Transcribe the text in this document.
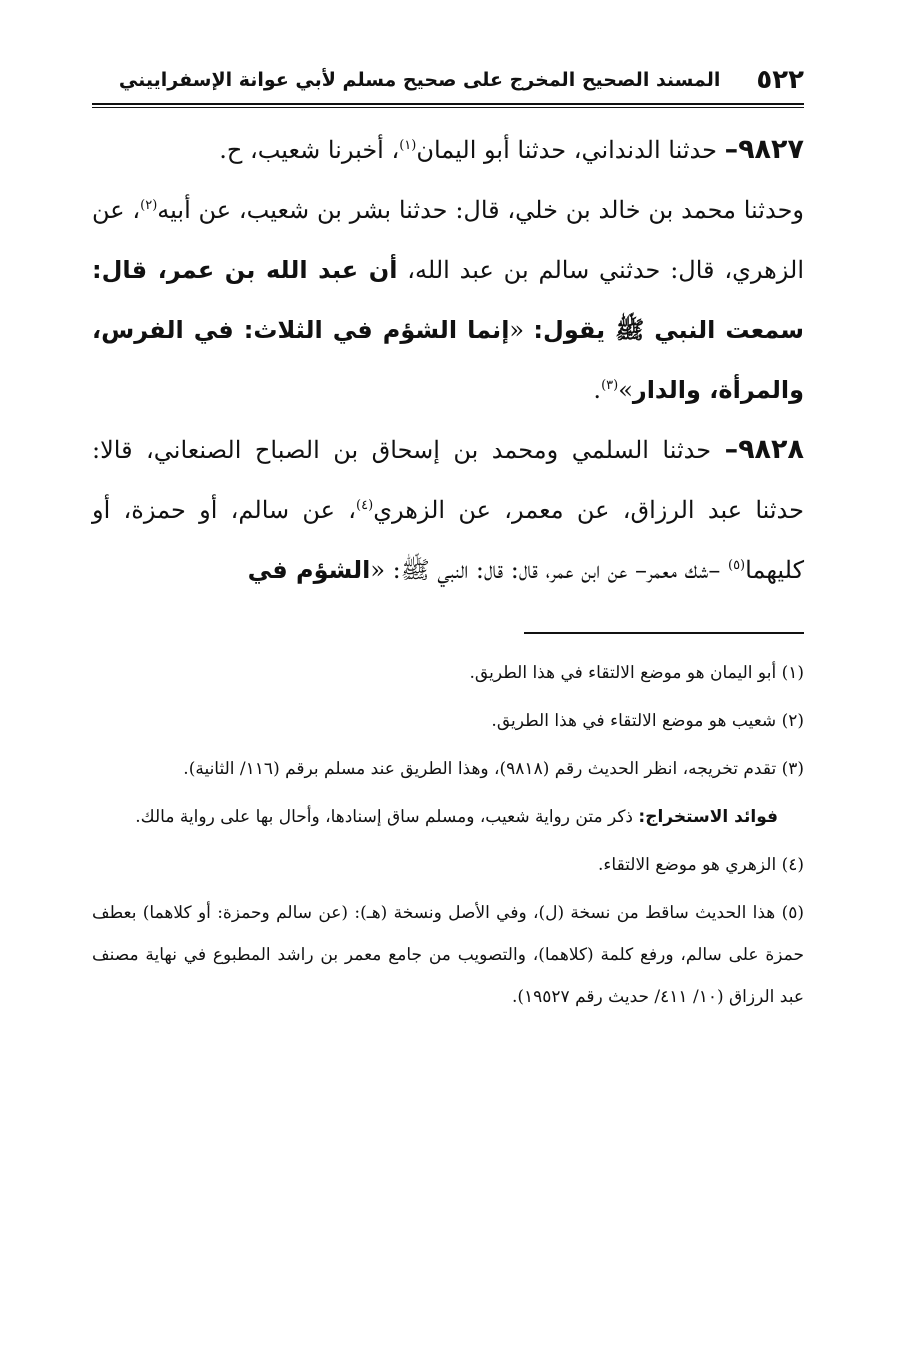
٥٢٢
المسند الصحيح المخرج على صحيح مسلم لأبي عوانة الإسفراييني

٩٨٢٧– حدثنا الدنداني، حدثنا أبو اليمان$^{(١)}$، أخبرنا شعيب، ح.

وحدثنا محمد بن خالد بن خلي، قال: حدثنا بشر بن شعيب، عن أبيه$^{(٢)}$، عن الزهري، قال: حدثني سالم بن عبد الله، أن عبد الله بن عمر، قال: سمعت النبي ﷺ يقول: «إنما الشؤم في الثلاث: في الفرس، والمرأة، والدار»$^{(٣)}$.

٩٨٢٨– حدثنا السلمي ومحمد بن إسحاق بن الصباح الصنعاني، قالا: حدثنا عبد الرزاق، عن معمر، عن الزهري$^{(٤)}$، عن سالم، أو حمزة، أو كليهما$^{(٥)}$ –شك معمر– عن ابن عمر، قال: قال: النبي ﷺ: «الشؤم في

(١) أبو اليمان هو موضع الالتقاء في هذا الطريق.

(٢) شعيب هو موضع الالتقاء في هذا الطريق.

(٣) تقدم تخريجه، انظر الحديث رقم (٩٨١٨)، وهذا الطريق عند مسلم برقم (١١٦/ الثانية).

فوائد الاستخراج: ذكر متن رواية شعيب، ومسلم ساق إسنادها، وأحال بها على رواية مالك.

(٤) الزهري هو موضع الالتقاء.

(٥) هذا الحديث ساقط من نسخة (ل)، وفي الأصل ونسخة (هـ): (عن سالم وحمزة: أو كلاهما) بعطف حمزة على سالم، ورفع كلمة (كلاهما)، والتصويب من جامع معمر بن راشد المطبوع في نهاية مصنف عبد الرزاق (١٠/ ٤١١/ حديث رقم ١٩٥٢٧).
